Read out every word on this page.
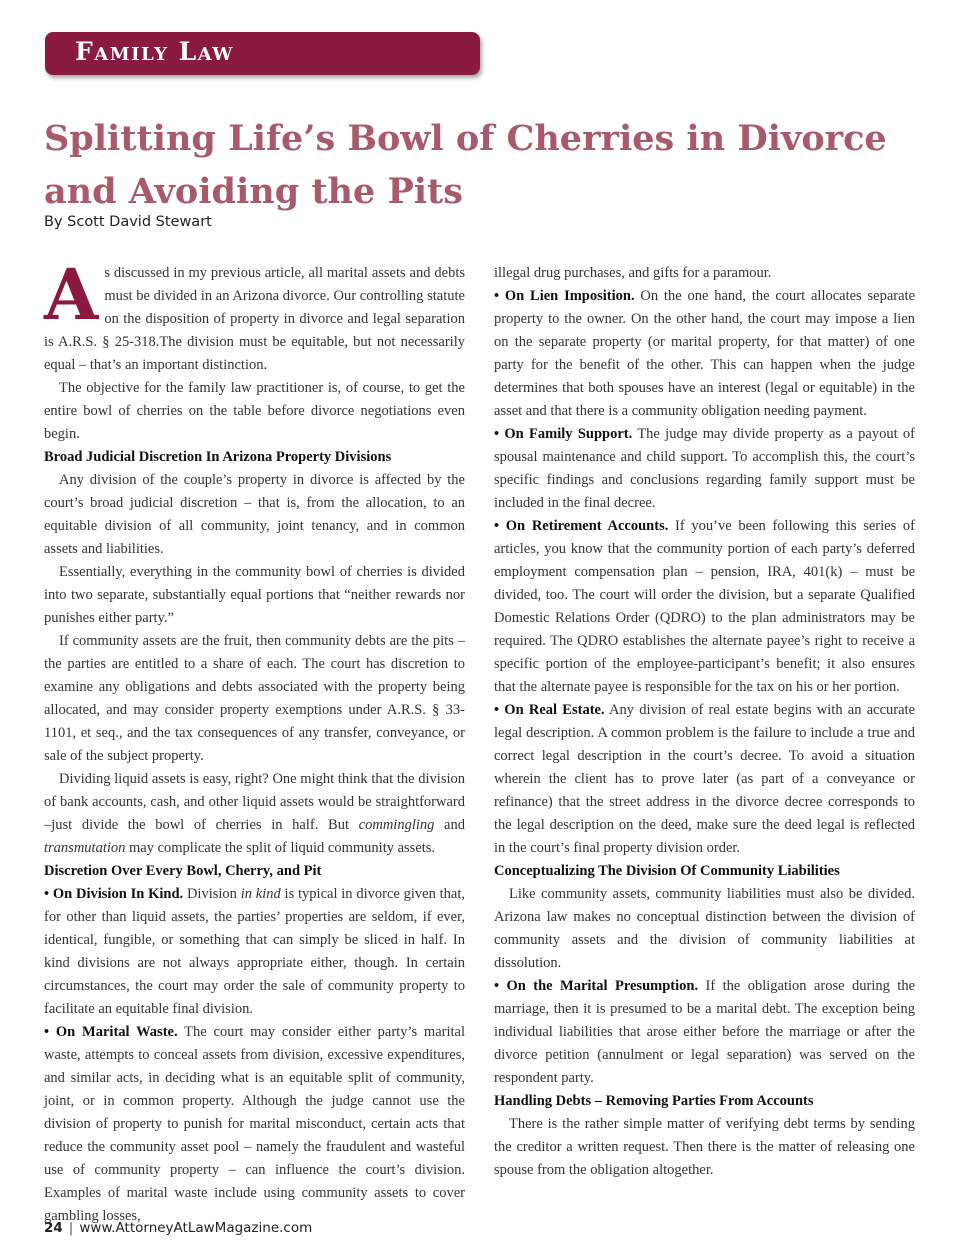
Family Law
Splitting Life’s Bowl of Cherries in Divorce and Avoiding the Pits

By Scott David Stewart

As discussed in my previous article, all marital assets and debts must be divided in an Arizona divorce. Our controlling statute on the disposition of property in divorce and legal separation is A.R.S. § 25-318.The division must be equitable, but not necessarily equal – that’s an important distinction.

The objective for the family law practitioner is, of course, to get the entire bowl of cherries on the table before divorce negotiations even begin.

Broad Judicial Discretion In Arizona Property Divisions

Any division of the couple’s property in divorce is affected by the court’s broad judicial discretion – that is, from the allocation, to an equitable division of all community, joint tenancy, and in common assets and liabilities.

Essentially, everything in the community bowl of cherries is divided into two separate, substantially equal portions that “neither rewards nor punishes either party.”

If community assets are the fruit, then community debts are the pits – the parties are entitled to a share of each. The court has discretion to examine any obligations and debts associated with the property being allocated, and may consider property exemptions under A.R.S. § 33-1101, et seq., and the tax consequences of any transfer, conveyance, or sale of the subject property.

Dividing liquid assets is easy, right? One might think that the division of bank accounts, cash, and other liquid assets would be straightforward –just divide the bowl of cherries in half. But commingling and transmutation may complicate the split of liquid community assets.

Discretion Over Every Bowl, Cherry, and Pit

• On Division In Kind. Division in kind is typical in divorce given that, for other than liquid assets, the parties’ properties are seldom, if ever, identical, fungible, or something that can simply be sliced in half. In kind divisions are not always appropriate either, though. In certain circumstances, the court may order the sale of community property to facilitate an equitable final division.

• On Marital Waste. The court may consider either party’s marital waste, attempts to conceal assets from division, excessive expenditures, and similar acts, in deciding what is an equitable split of community, joint, or in common property. Although the judge cannot use the division of property to punish for marital misconduct, certain acts that reduce the community asset pool – namely the fraudulent and wasteful use of community property – can influence the court’s division. Examples of marital waste include using community assets to cover gambling losses,

illegal drug purchases, and gifts for a paramour.

• On Lien Imposition. On the one hand, the court allocates separate property to the owner. On the other hand, the court may impose a lien on the separate property (or marital property, for that matter) of one party for the benefit of the other. This can happen when the judge determines that both spouses have an interest (legal or equitable) in the asset and that there is a community obligation needing payment.

• On Family Support. The judge may divide property as a payout of spousal maintenance and child support. To accomplish this, the court’s specific findings and conclusions regarding family support must be included in the final decree.

• On Retirement Accounts. If you’ve been following this series of articles, you know that the community portion of each party’s deferred employment compensation plan – pension, IRA, 401(k) – must be divided, too. The court will order the division, but a separate Qualified Domestic Relations Order (QDRO) to the plan administrators may be required. The QDRO establishes the alternate payee’s right to receive a specific portion of the employee-participant’s benefit; it also ensures that the alternate payee is responsible for the tax on his or her portion.

• On Real Estate. Any division of real estate begins with an accurate legal description. A common problem is the failure to include a true and correct legal description in the court’s decree. To avoid a situation wherein the client has to prove later (as part of a conveyance or refinance) that the street address in the divorce decree corresponds to the legal description on the deed, make sure the deed legal is reflected in the court’s final property division order.

Conceptualizing The Division Of Community Liabilities

Like community assets, community liabilities must also be divided. Arizona law makes no conceptual distinction between the division of community assets and the division of community liabilities at dissolution.

• On the Marital Presumption. If the obligation arose during the marriage, then it is presumed to be a marital debt. The exception being individual liabilities that arose either before the marriage or after the divorce petition (annulment or legal separation) was served on the respondent party.

Handling Debts – Removing Parties From Accounts

There is the rather simple matter of verifying debt terms by sending the creditor a written request. Then there is the matter of releasing one spouse from the obligation altogether.

24 | www.AttorneyAtLawMagazine.com
